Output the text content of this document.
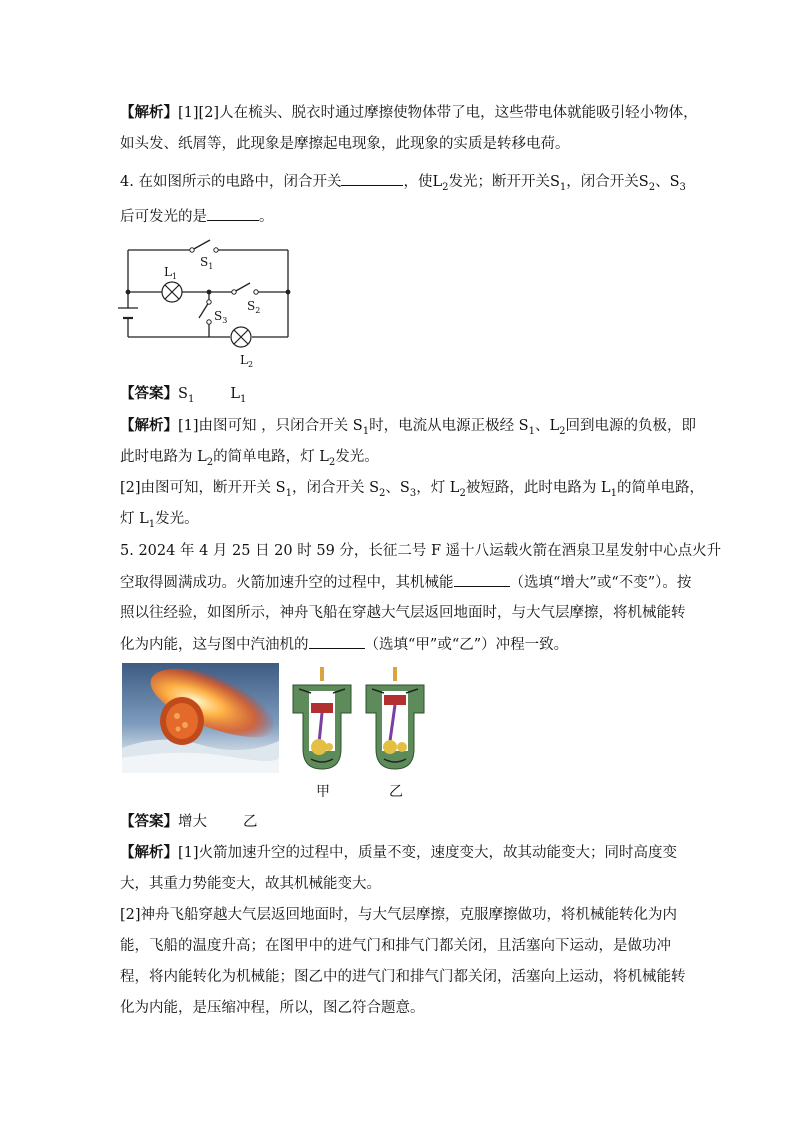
【解析】[1][2]人在梳头、脱衣时通过摩擦使物体带了电，这些带电体就能吸引轻小物体，
如头发、纸屑等，此现象是摩擦起电现象，此现象的实质是转移电荷。
4. 在如图所示的电路中，闭合开关	，使$L_2$发光；断开开关$S_1$，闭合开关$S_2$、$S_3$
后可发光的是	。
$S_1$
$L_1$
$S_2$
$S_3$
$L_2$
【答案】$S_1$ $L_1$
【解析】[1]由图可知 ，只闭合开关 $S_1$时，电流从电源正极经 $S_1$、$L_2$回到电源的负极，即
此时电路为 $L_2$的简单电路，灯 $L_2$发光。
[2]由图可知，断开开关 $S_1$，闭合开关 $S_2$、$S_3$，灯 $L_2$被短路，此时电路为 $L_1$的简单电路，
灯 $L_1$发光。
5. 2024 年 4 月 25 日 20 时 59 分，长征二号 F 遥十八运载火箭在酒泉卫星发射中心点火升
空取得圆满成功。火箭加速升空的过程中，其机械能	（选填“增大”或“不变”）。按
照以往经验，如图所示，神舟飞船在穿越大气层返回地面时，与大气层摩擦，将机械能转
化为内能，这与图中汽油机的	（选填“甲”或“乙”）冲程一致。
甲	乙
【答案】增大 乙
【解析】[1]火箭加速升空的过程中，质量不变，速度变大，故其动能变大；同时高度变
大，其重力势能变大，故其机械能变大。
[2]神舟飞船穿越大气层返回地面时，与大气层摩擦，克服摩擦做功，将机械能转化为内
能，飞船的温度升高；在图甲中的进气门和排气门都关闭，且活塞向下运动，是做功冲
程，将内能转化为机械能；图乙中的进气门和排气门都关闭，活塞向上运动，将机械能转
化为内能，是压缩冲程，所以，图乙符合题意。
